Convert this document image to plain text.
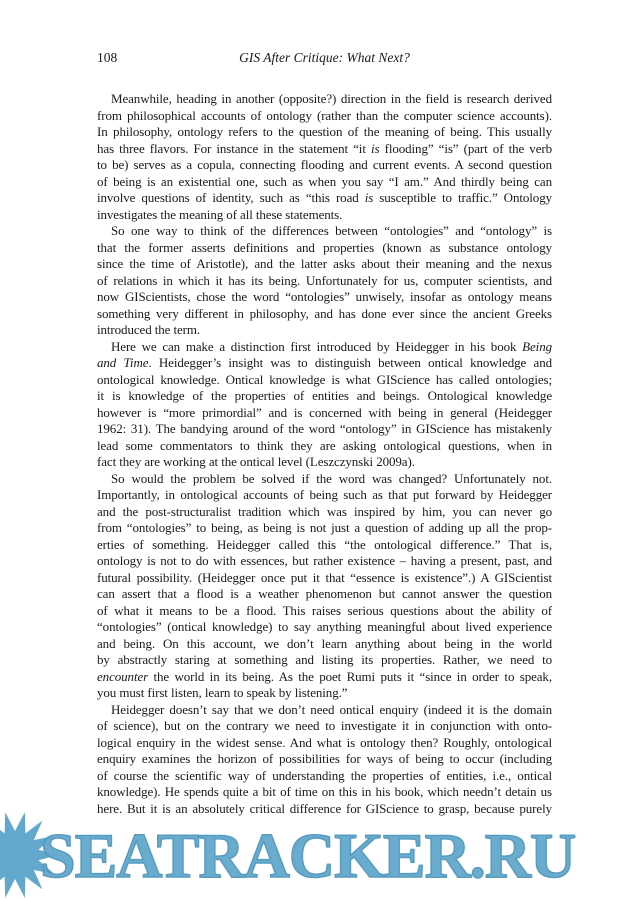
108	GIS After Critique: What Next?
Meanwhile, heading in another (opposite?) direction in the field is research derived
from philosophical accounts of ontology (rather than the computer science accounts).
In philosophy, ontology refers to the question of the meaning of being. This usually
has three flavors. For instance in the statement “it is flooding” “is” (part of the verb
to be) serves as a copula, connecting flooding and current events. A second question
of being is an existential one, such as when you say “I am.” And thirdly being can
involve questions of identity, such as “this road is susceptible to traffic.” Ontology
investigates the meaning of all these statements.
So one way to think of the differences between “ontologies” and “ontology” is
that the former asserts definitions and properties (known as substance ontology
since the time of Aristotle), and the latter asks about their meaning and the nexus
of relations in which it has its being. Unfortunately for us, computer scientists, and
now GIScientists, chose the word “ontologies” unwisely, insofar as ontology means
something very different in philosophy, and has done ever since the ancient Greeks
introduced the term.
Here we can make a distinction first introduced by Heidegger in his book Being
and Time. Heidegger’s insight was to distinguish between ontical knowledge and
ontological knowledge. Ontical knowledge is what GIScience has called ontologies;
it is knowledge of the properties of entities and beings. Ontological knowledge
however is “more primordial” and is concerned with being in general (Heidegger
1962: 31). The bandying around of the word “ontology” in GIScience has mistakenly
lead some commentators to think they are asking ontological questions, when in
fact they are working at the ontical level (Leszczynski 2009a).
So would the problem be solved if the word was changed? Unfortunately not.
Importantly, in ontological accounts of being such as that put forward by Heidegger
and the post-structuralist tradition which was inspired by him, you can never go
from “ontologies” to being, as being is not just a question of adding up all the prop-
erties of something. Heidegger called this “the ontological difference.” That is,
ontology is not to do with essences, but rather existence – having a present, past, and
futural possibility. (Heidegger once put it that “essence is existence”.) A GIScientist
can assert that a flood is a weather phenomenon but cannot answer the question
of what it means to be a flood. This raises serious questions about the ability of
“ontologies” (ontical knowledge) to say anything meaningful about lived experience
and being. On this account, we don’t learn anything about being in the world
by abstractly staring at something and listing its properties. Rather, we need to
encounter the world in its being. As the poet Rumi puts it “since in order to speak,
you must first listen, learn to speak by listening.”
Heidegger doesn’t say that we don’t need ontical enquiry (indeed it is the domain
of science), but on the contrary we need to investigate it in conjunction with onto-
logical enquiry in the widest sense. And what is ontology then? Roughly, ontological
enquiry examines the horizon of possibilities for ways of being to occur (including
of course the scientific way of understanding the properties of entities, i.e., ontical
knowledge). He spends quite a bit of time on this in his book, which needn’t detain us
here. But it is an absolutely critical difference for GIScience to grasp, because purely
SEATRACKER.RU
